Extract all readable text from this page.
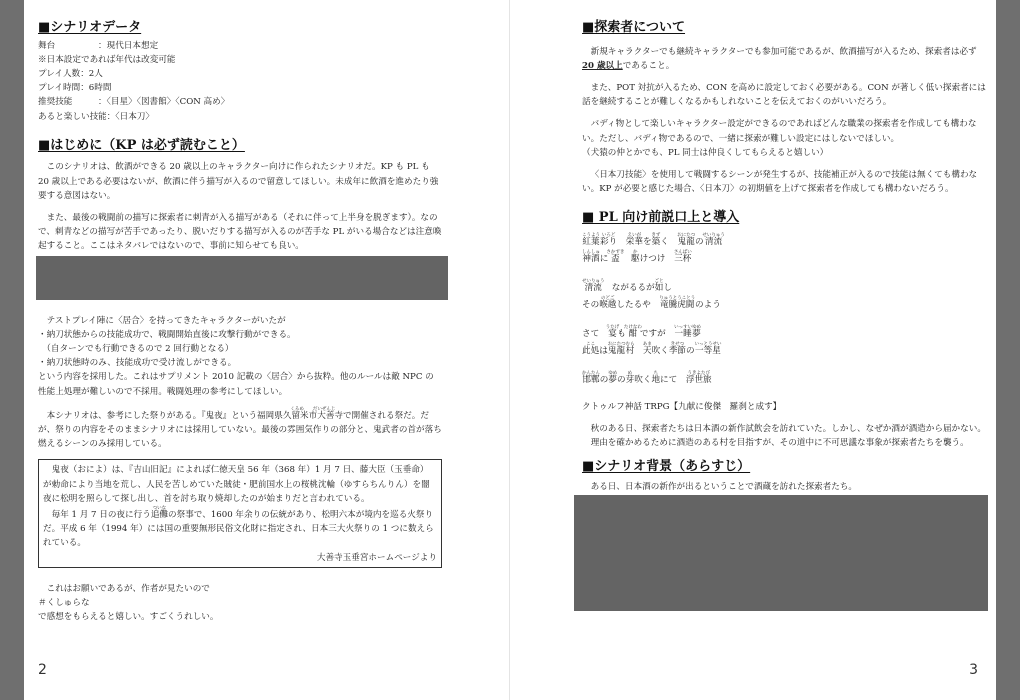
■シナリオデータ
舞台	：現代日本想定
※日本設定であれば年代は改変可能
プレイ人数：2人
プレイ時間：6時間
推奨技能	：〈目星〉〈図書館〉〈CON 高め〉
あると楽しい技能：〈日本刀〉
■はじめに（KP は必ず読むこと）

このシナリオは、飲酒ができる 20 歳以上のキャラクター向けに作られたシナリオだ。KP も PL も 20 歳以上である必要はないが、飲酒に伴う描写が入るので留意してほしい。未成年に飲酒を進めたり強要する意図はない。

また、最後の戦闘前の描写に探索者に刺青が入る描写がある（それに伴って上半身を脱ぎます）。なので、刺青などの描写が苦手であったり、脱いだりする描写が入るのが苦手な PL がいる場合などは注意喚起すること。ここはネタバレではないので、事前に知らせても良い。

テストプレイ陣に〈居合〉を持ってきたキャラクターがいたが

・納刀状態からの技能成功で、戦闘開始直後に攻撃行動ができる。

（自ターンでも行動できるので 2 回行動となる）

・納刀状態時のみ、技能成功で受け流しができる。

という内容を採用した。これはサプリメント 2010 記載の〈居合〉から抜粋。他のルールは敵 NPC の性能上処理が難しいので不採用。戦闘処理の参考にしてほしい。

本シナリオは、参考にした祭りがある。『鬼夜』という福岡県久留米市大善寺くるめ　　だいぜんじで開催される祭だ。だが、祭りの内容をそのままシナリオには採用していない。最後の雰囲気作りの部分と、鬼武者の首が落ち燃えるシーンのみ採用している。

鬼夜（おによ）は、『吉山旧記』によれば仁徳天皇 56 年（368 年）1 月 7 日、藤大臣（玉垂命）が勅命により当地を荒し、人民を苦しめていた賊徒・肥前国水上の桜桃沈輪（ゆすらちんりん）を闇夜に松明を照らして探し出し、首を討ち取り焼却したのが始まりだと言われている。

毎年 1 月 7 日の夜に行う追儺ついなの祭事で、1600 年余りの伝統があり、松明六本が境内を巡る火祭りだ。平成 6 年（1994 年）には国の重要無形民俗文化財に指定され、日本三大火祭りの 1 つに数えられている。

大善寺玉垂宮ホームページより

これはお願いであるが、作者が見たいので

＃くしゅらな

で感想をもらえると嬉しい。すごくうれしい。

2
■探索者について

新規キャラクターでも継続キャラクターでも参加可能であるが、飲酒描写が入るため、探索者は必ず20 歳以上であること。

また、POT 対抗が入るため、CON を高めに設定しておく必要がある。CON が著しく低い探索者には話を継続することが難しくなるかもしれないことを伝えておくのがいいだろう。

バディ物として楽しいキャラクター設定ができるのであればどんな職業の探索者を作成しても構わない。ただし、バディ物であるので、一緒に探索が難しい設定にはしないでほしい。

（犬猿の仲とかでも、PL 同士は仲良くしてもらえると嬉しい）

〈日本刀技能〉を使用して戦闘するシーンが発生するが、技能補正が入るので技能は無くても構わない。KP が必要と感じた場合、〈日本刀〉の初期値を上げて探索者を作成しても構わないだろう。

■ PL 向け前説口上と導入
紅葉こうよう彩りいろど　栄華えいがを築きずく　鬼龍おにたつの清流せいりゅう
神酒しんしゅに盃さかずき　駆かけつけ　三杯さんばい
清流せいりゅう　ながるるが如ごとし
その喉越のどごしたるや　竜騰虎闘りゅうとうことうのよう
さて　宴うたげも酣たけなわですが　一睡いっすい夢ゆめ
此処ここは鬼龍おにたつ村むら　天あま吹く季節きせつの一等星いっとうせい
邯鄲かんたんの夢ゆめの芽め吹く地ちにて　浮世旅うきよたび

クトゥルフ神話 TRPG【九献に俊傑　羅刹と成す】

秋のある日、探索者たちは日本酒の新作試飲会を訪れていた。しかし、なぜか酒が酒造から届かない。

理由を確かめるために酒造のある村を目指すが、その道中に不可思議な事象が探索者たちを襲う。

■シナリオ背景（あらすじ）

ある日、日本酒の新作が出るということで酒蔵を訪れた探索者たち。

3
